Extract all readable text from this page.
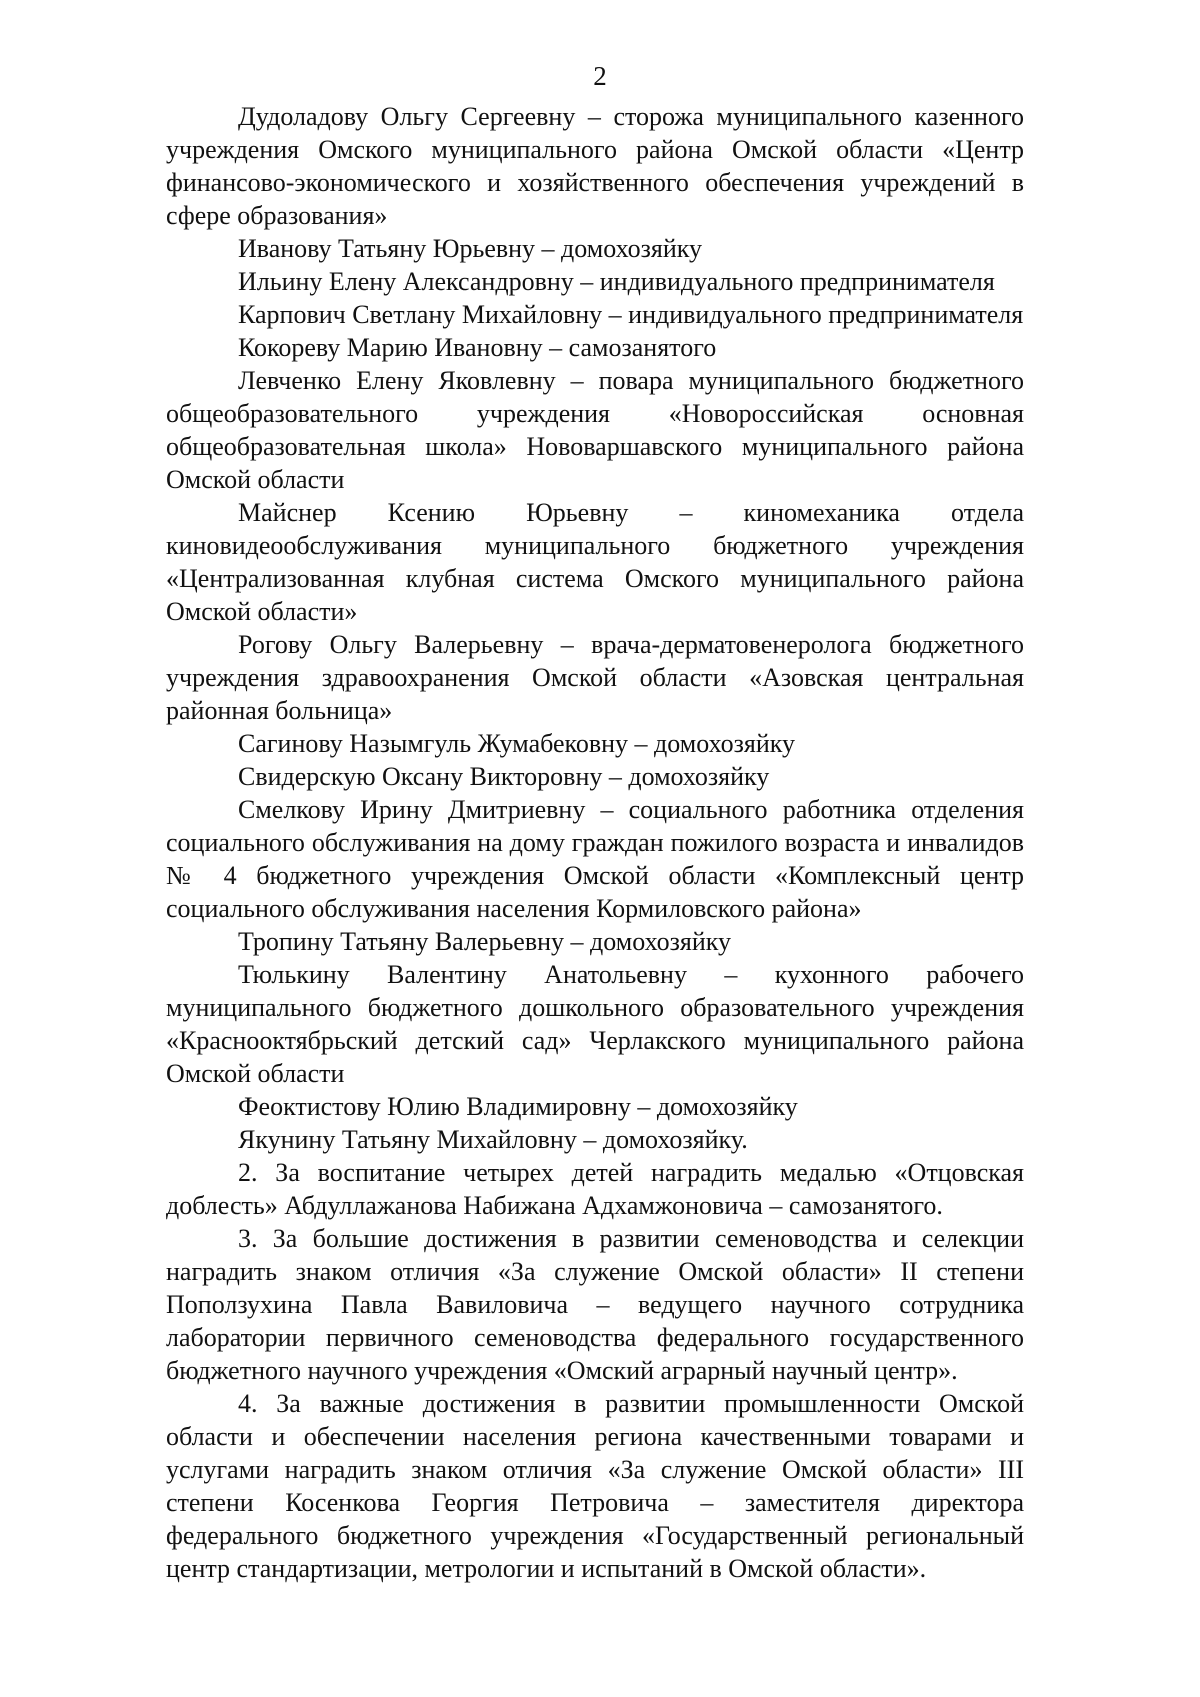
2

Дудоладову Ольгу Сергеевну – сторожа муниципального казенного учреждения Омского муниципального района Омской области «Центр финансово-экономического и хозяйственного обеспечения учреждений в сфере образования»

Иванову Татьяну Юрьевну – домохозяйку

Ильину Елену Александровну – индивидуального предпринимателя

Карпович Светлану Михайловну – индивидуального предпринимателя

Кокореву Марию Ивановну – самозанятого

Левченко Елену Яковлевну – повара муниципального бюджетного общеобразовательного учреждения «Новороссийская основная общеобразовательная школа» Нововаршавского муниципального района Омской области

Майснер Ксению Юрьевну – киномеханика отдела киновидеообслуживания муниципального бюджетного учреждения «Централизованная клубная система Омского муниципального района Омской области»

Рогову Ольгу Валерьевну – врача-дерматовенеролога бюджетного учреждения здравоохранения Омской области «Азовская центральная районная больница»

Сагинову Назымгуль Жумабековну – домохозяйку

Свидерскую Оксану Викторовну – домохозяйку

Смелкову Ирину Дмитриевну – социального работника отделения социального обслуживания на дому граждан пожилого возраста и инвалидов № 4 бюджетного учреждения Омской области «Комплексный центр социального обслуживания населения Кормиловского района»

Тропину Татьяну Валерьевну – домохозяйку

Тюлькину Валентину Анатольевну – кухонного рабочего муниципального бюджетного дошкольного образовательного учреждения «Краснооктябрьский детский сад» Черлакского муниципального района Омской области

Феоктистову Юлию Владимировну – домохозяйку

Якунину Татьяну Михайловну – домохозяйку.

2. За воспитание четырех детей наградить медалью «Отцовская доблесть» Абдуллажанова Набижана Адхамжоновича – самозанятого.

3. За большие достижения в развитии семеноводства и селекции наградить знаком отличия «За служение Омской области» II степени Поползухина Павла Вавиловича – ведущего научного сотрудника лаборатории первичного семеноводства федерального государственного бюджетного научного учреждения «Омский аграрный научный центр».

4. За важные достижения в развитии промышленности Омской области и обеспечении населения региона качественными товарами и услугами наградить знаком отличия «За служение Омской области» III степени Косенкова Георгия Петровича – заместителя директора федерального бюджетного учреждения «Государственный региональный центр стандартизации, метрологии и испытаний в Омской области».
